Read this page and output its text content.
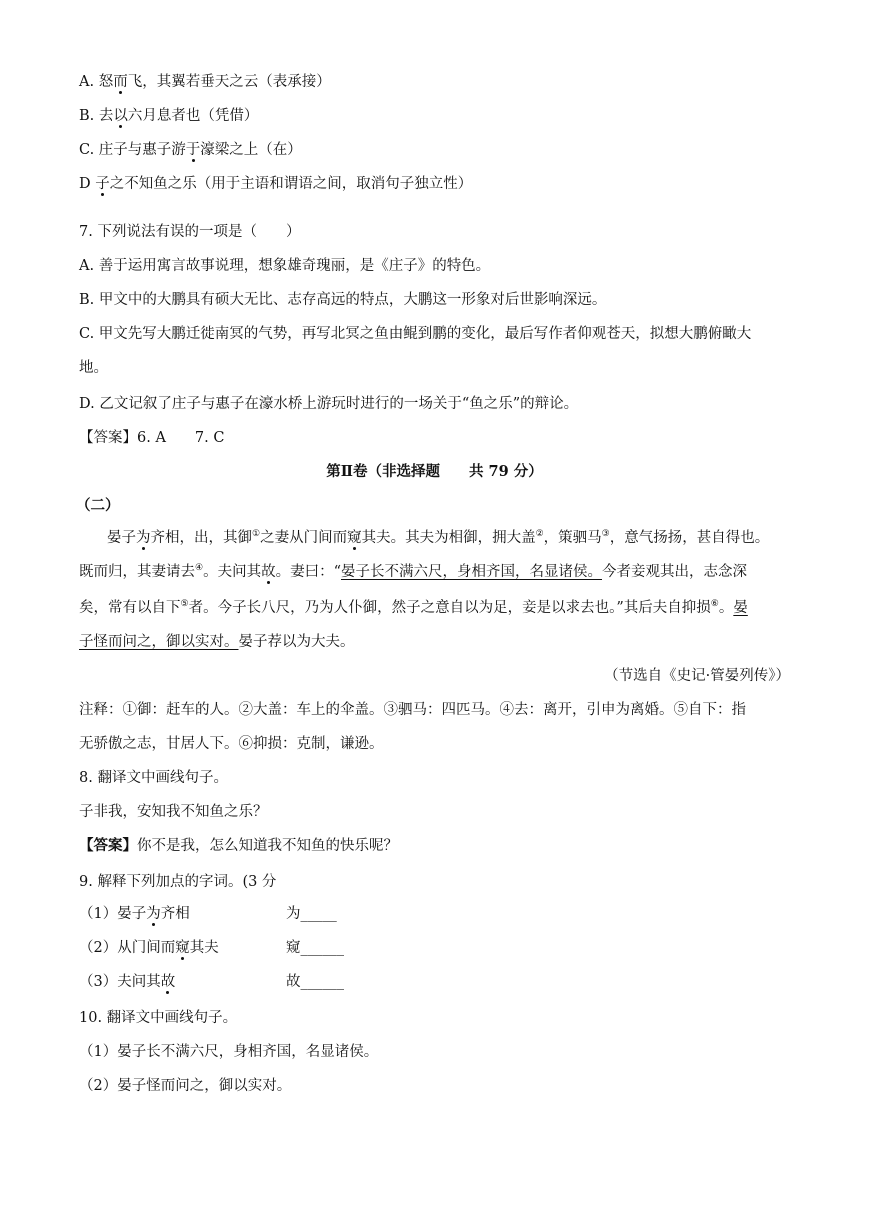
A. 怒而飞，其翼若垂天之云（表承接）
B. 去以六月息者也（凭借）
C. 庄子与惠子游于濠梁之上（在）
D 子之不知鱼之乐（用于主语和谓语之间，取消句子独立性）
7. 下列说法有误的一项是（　　）
A. 善于运用寓言故事说理，想象雄奇瑰丽，是《庄子》的特色。
B. 甲文中的大鹏具有硕大无比、志存高远的特点，大鹏这一形象对后世影响深远。
C. 甲文先写大鹏迁徙南冥的气势，再写北冥之鱼由鲲到鹏的变化，最后写作者仰观苍天，拟想大鹏俯瞰大
地。
D. 乙文记叙了庄子与惠子在濠水桥上游玩时进行的一场关于“鱼之乐”的辩论。
【答案】6. A　　7. C
第Ⅱ卷（非选择题　　共 79 分）
（二）
晏子为齐相，出，其御①之妻从门间而窥其夫。其夫为相御，拥大盖②，策驷马③，意气扬扬，甚自得也。
既而归，其妻请去④。夫问其故。妻曰：“晏子长不满六尺，身相齐国，名显诸侯。今者妾观其出，志念深
矣，常有以自下⑤者。今子长八尺，乃为人仆御，然子之意自以为足，妾是以求去也。”其后夫自抑损⑥。晏
子怪而问之，御以实对。晏子荐以为大夫。
（节选自《史记·管晏列传》）
注释：①御：赶车的人。②大盖：车上的伞盖。③驷马：四匹马。④去：离开，引申为离婚。⑤自下：指
无骄傲之志，甘居人下。⑥抑损：克制，谦逊。
8. 翻译文中画线句子。
子非我，安知我不知鱼之乐？
【答案】你不是我，怎么知道我不知鱼的快乐呢？
9. 解释下列加点的字词。(3 分
（1）晏子为齐相	为_____
（2）从门间而窥其夫	窥______
（3）夫问其故	故______
10. 翻译文中画线句子。
（1）晏子长不满六尺，身相齐国，名显诸侯。
（2）晏子怪而问之，御以实对。
